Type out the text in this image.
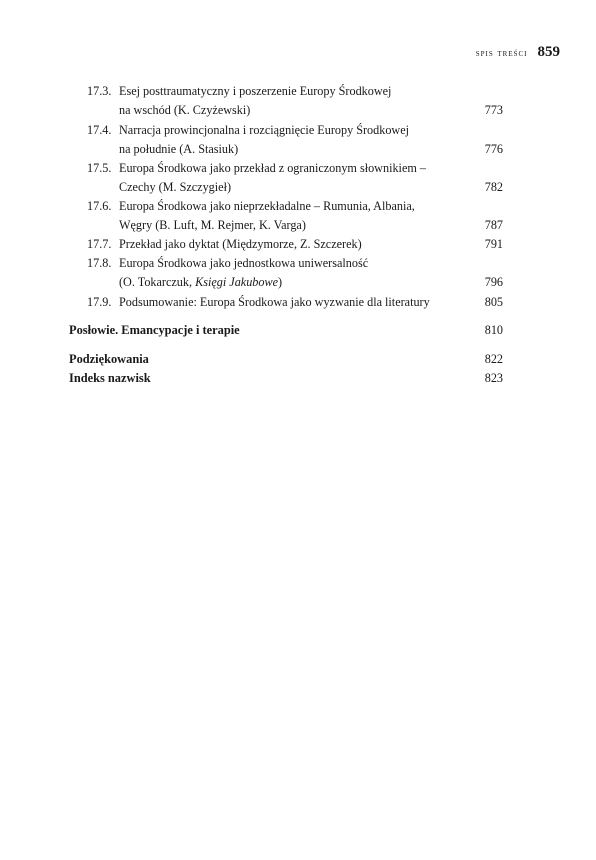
spis treści 859
17.3. Esej posttraumatyczny i poszerzenie Europy Środkowej
na wschód (K. Czyżewski)	773
17.4. Narracja prowincjonalna i rozciągnięcie Europy Środkowej
na południe (A. Stasiuk)	776
17.5. Europa Środkowa jako przekład z ograniczonym słownikiem –
Czechy (M. Szczygieł)	782
17.6. Europa Środkowa jako nieprzekładalne – Rumunia, Albania,
Węgry (B. Luft, M. Rejmer, K. Varga)	787
17.7. Przekład jako dyktat (Międzymorze, Z. Szczerek)	791
17.8. Europa Środkowa jako jednostkowa uniwersalność
(O. Tokarczuk, Księgi Jakubowe)	796
17.9. Podsumowanie: Europa Środkowa jako wyzwanie dla literatury	805
Posłowie. Emancypacje i terapie	810
Podziękowania	822
Indeks nazwisk	823
